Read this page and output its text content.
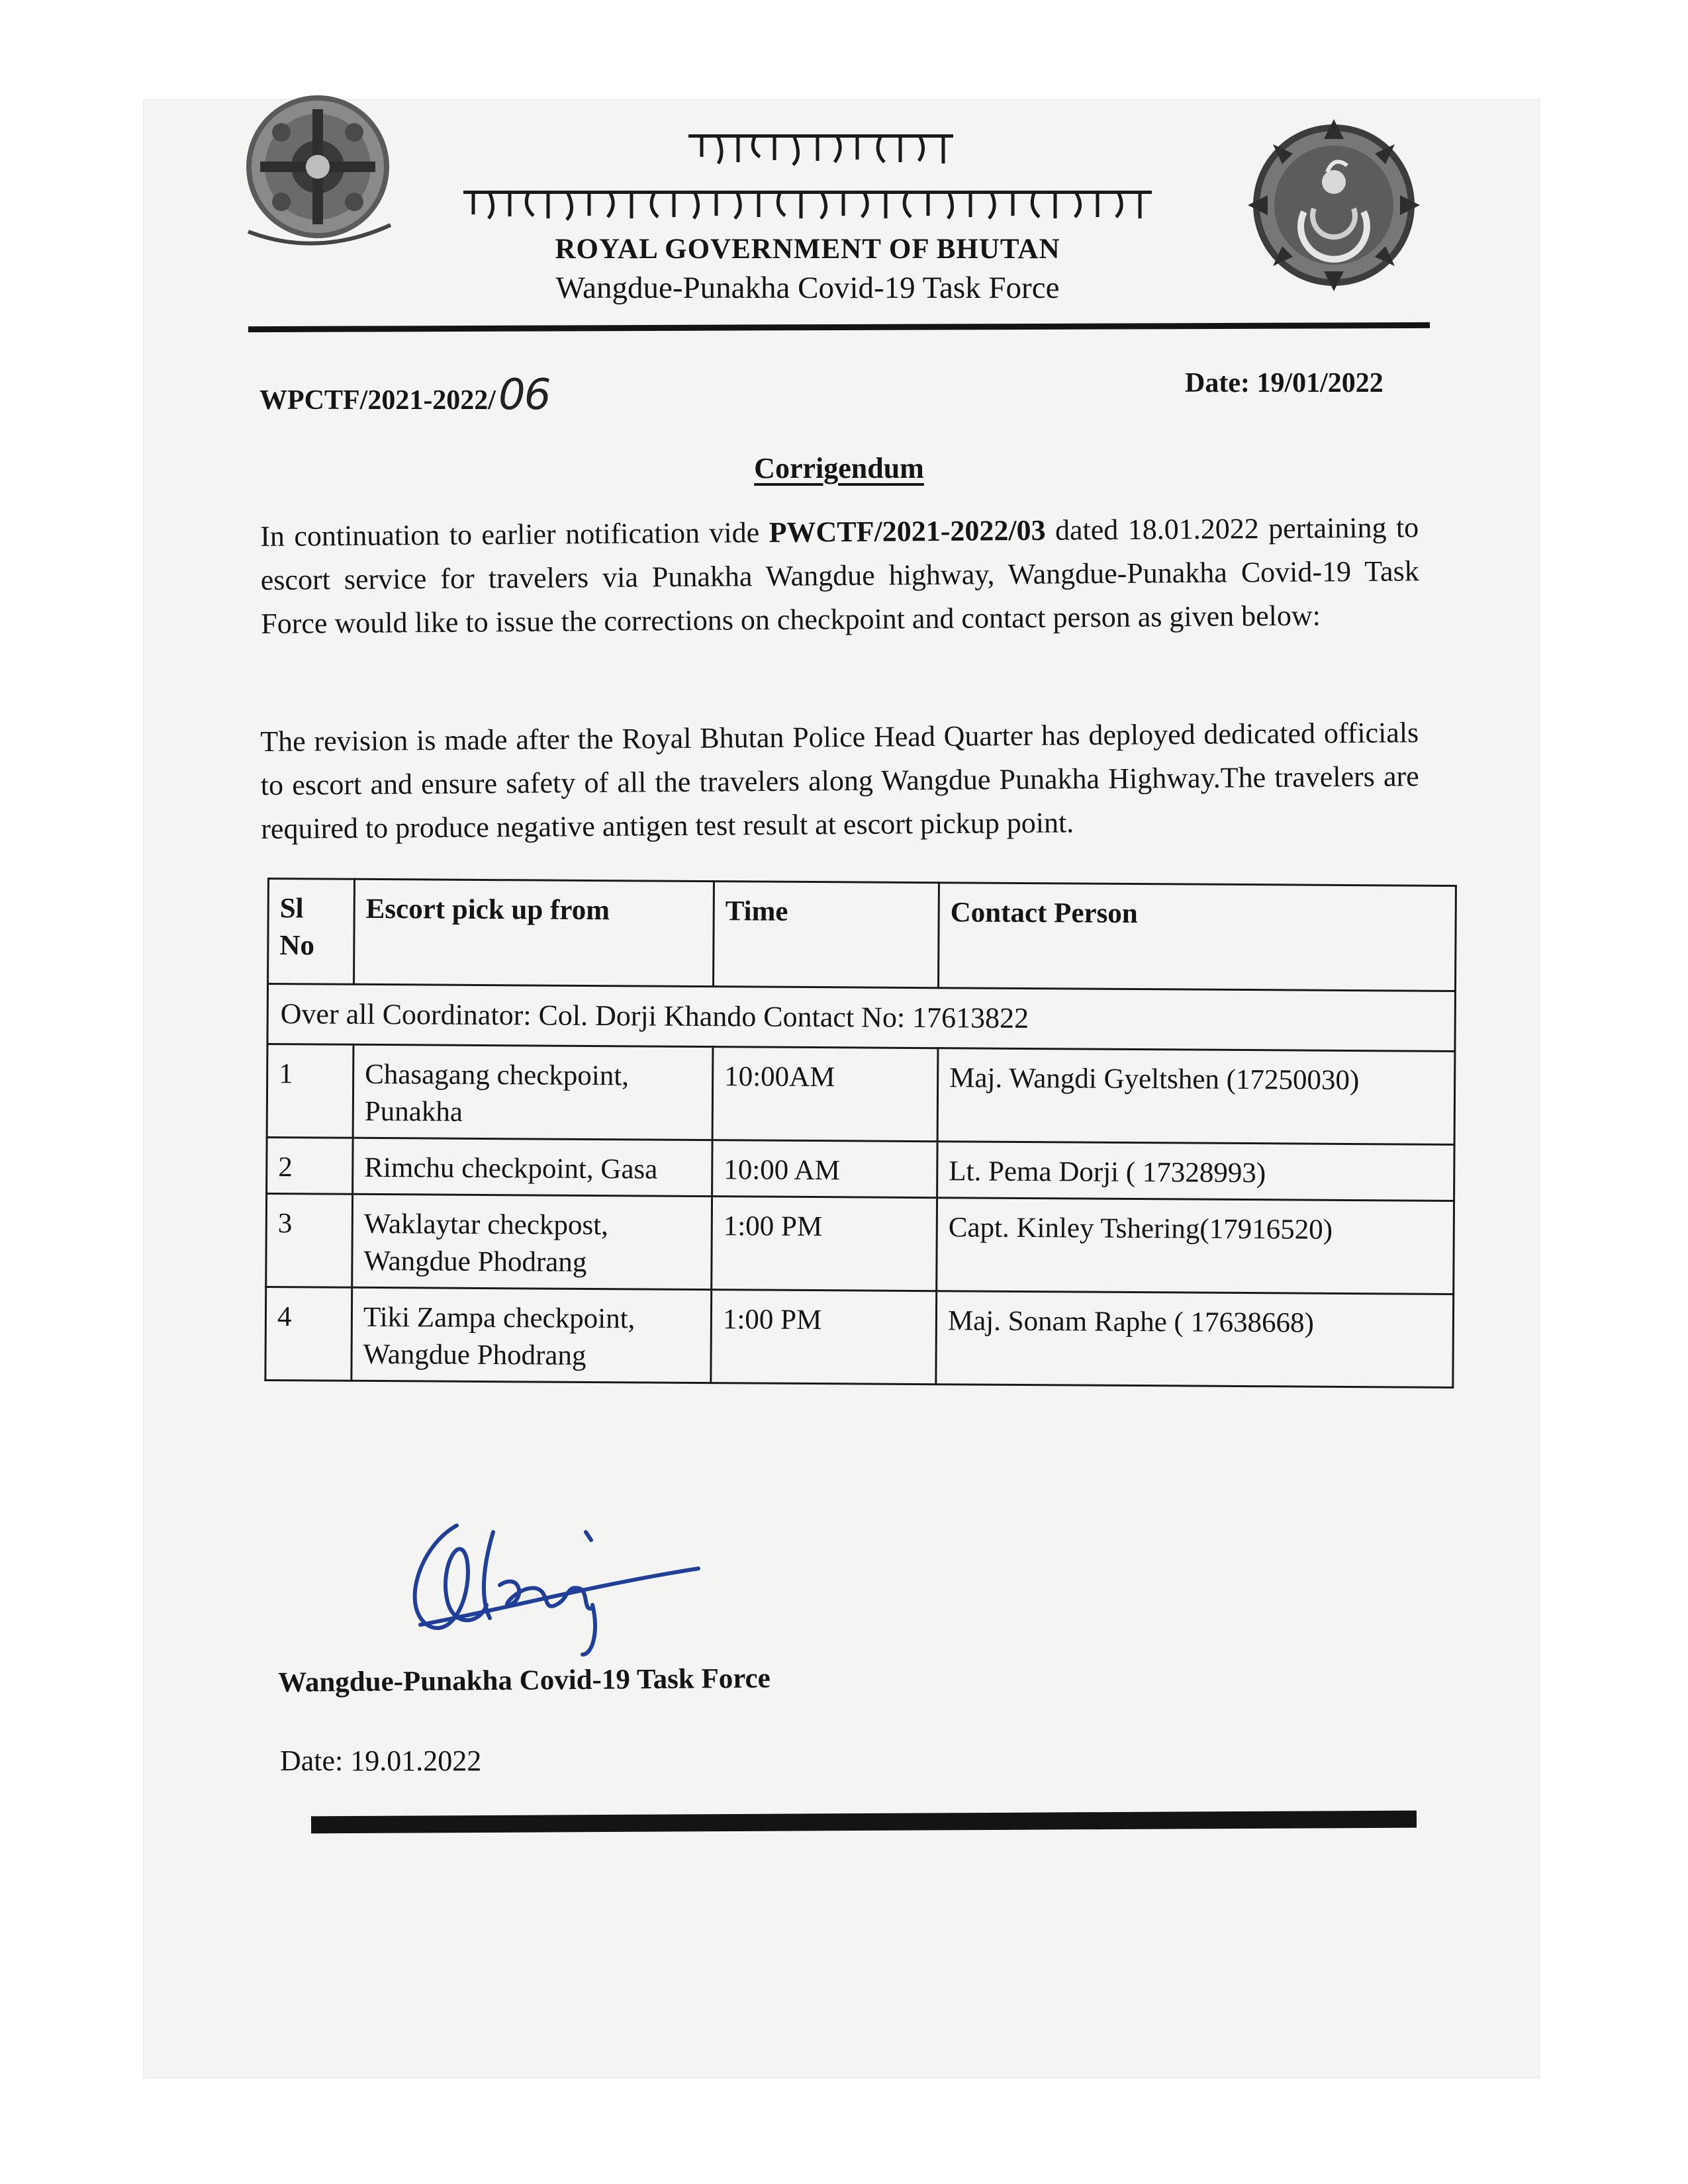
ROYAL GOVERNMENT OF BHUTAN
Wangdue-Punakha Covid-19 Task Force
WPCTF/2021-2022/06	Date: 19/01/2022
Corrigendum
In continuation to earlier notification vide PWCTF/2021-2022/03 dated 18.01.2022 pertaining to escort service for travelers via Punakha Wangdue highway, Wangdue-Punakha Covid-19 Task Force would like to issue the corrections on checkpoint and contact person as given below:
The revision is made after the Royal Bhutan Police Head Quarter has deployed dedicated officials to escort and ensure safety of all the travelers along Wangdue Punakha Highway.The travelers are required to produce negative antigen test result at escort pickup point.
Sl No	Escort pick up from	Time	Contact Person
Over all Coordinator: Col. Dorji Khando Contact No: 17613822			
1	Chasagang checkpoint, Punakha	10:00AM	Maj. Wangdi Gyeltshen (17250030)
2	Rimchu checkpoint, Gasa	10:00 AM	Lt. Pema Dorji ( 17328993)
3	Waklaytar checkpost, Wangdue Phodrang	1:00 PM	Capt. Kinley Tshering(17916520)
4	Tiki Zampa checkpoint, Wangdue Phodrang	1:00 PM	Maj. Sonam Raphe ( 17638668)
Wangdue-Punakha Covid-19 Task Force
Date: 19.01.2022
